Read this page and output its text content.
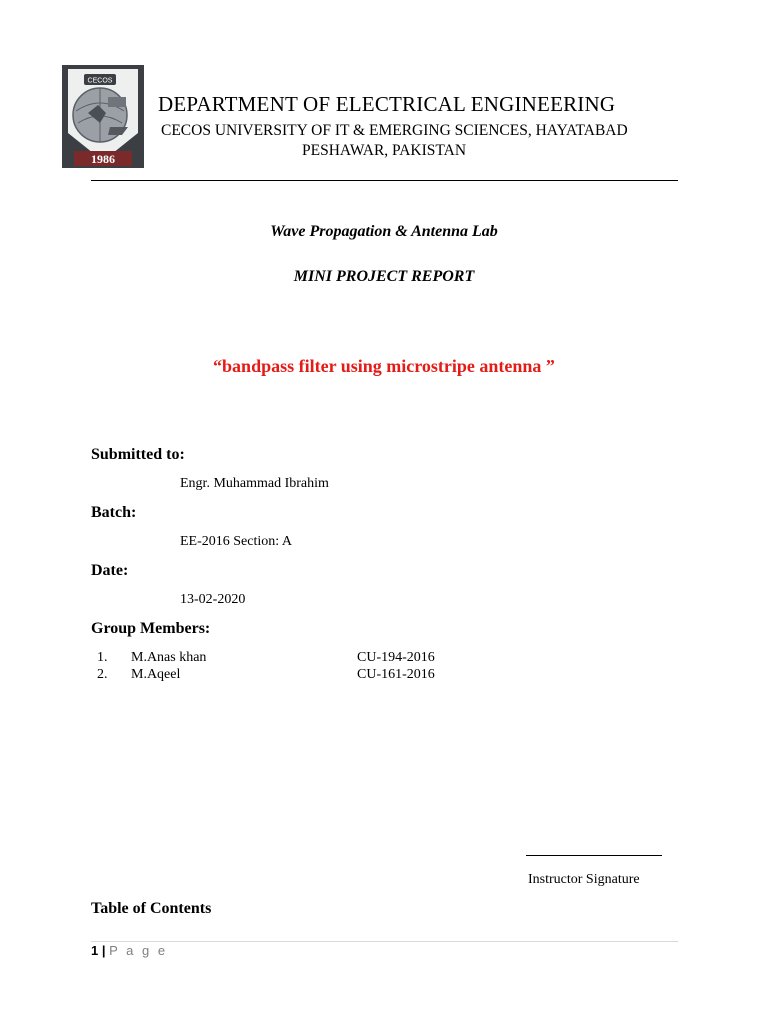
CECOS
1986
DEPARTMENT OF ELECTRICAL ENGINEERING
CECOS UNIVERSITY OF IT & EMERGING SCIENCES, HAYATABAD
PESHAWAR, PAKISTAN
Wave Propagation & Antenna Lab
MINI PROJECT REPORT
“bandpass filter using microstripe antenna ”
Submitted to:
Engr. Muhammad Ibrahim
Batch:
EE-2016 Section: A
Date:
13-02-2020
Group Members:
1. M.Anas khan	CU-194-2016
2. M.Aqeel	CU-161-2016
Instructor Signature
Table of Contents
1 | P a g e
